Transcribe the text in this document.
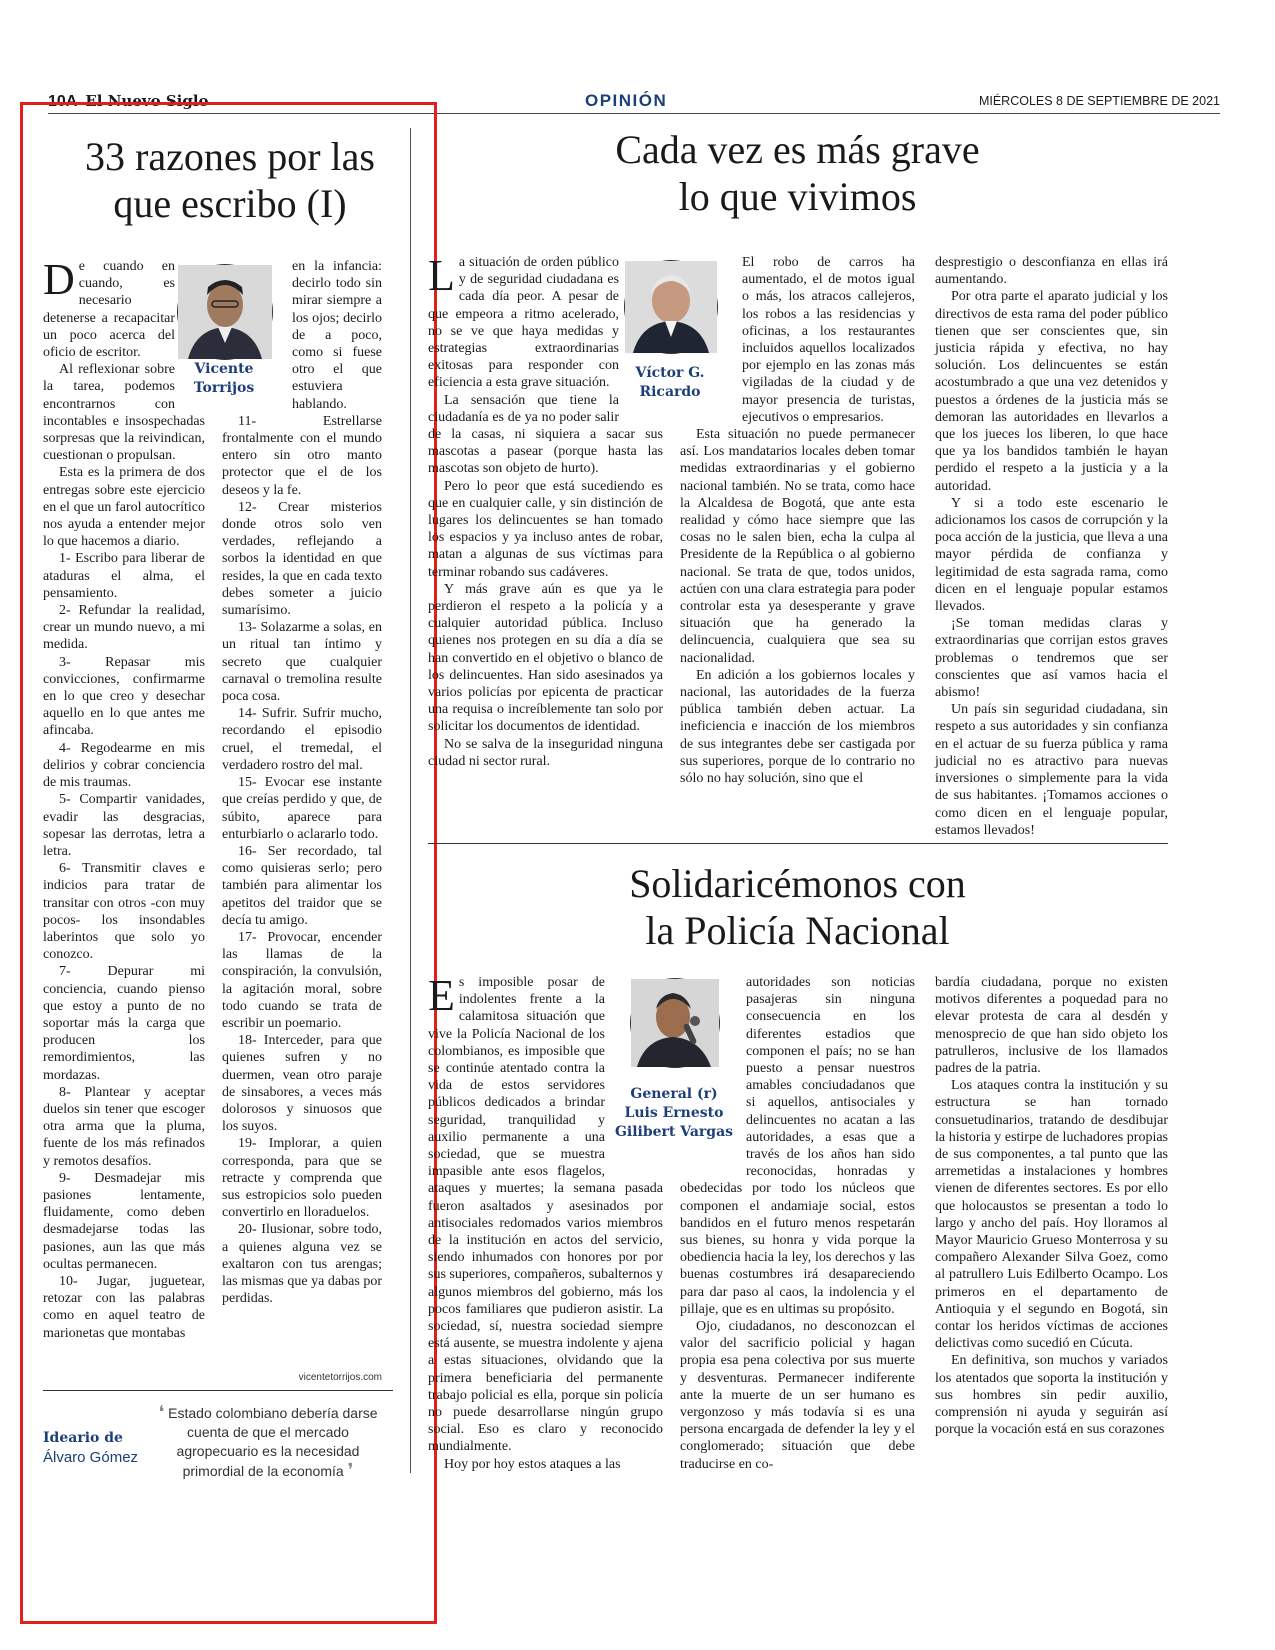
10A El Nuevo Siglo	OPINIÓN	MIÉRCOLES 8 DE SEPTIEMBRE DE 2021
33 razones por las
que escribo (I)
Vicente
Torrijos
D e cuando en cuando, es necesario detenerse a recapacitar un poco acerca del oficio de escritor.

Al reflexionar sobre la tarea, podemos encontrarnos con incontables e insospechadas sorpresas que la reivindican, cuestionan o propulsan.

Esta es la primera de dos entregas sobre este ejercicio en el que un farol autocrítico nos ayuda a entender mejor lo que hacemos a diario.

1- Escribo para liberar de ataduras el alma, el pensamiento.

2- Refundar la realidad, crear un mundo nuevo, a mi medida.

3- Repasar mis convicciones, confirmarme en lo que creo y desechar aquello en lo que antes me afincaba.

4- Regodearme en mis delirios y cobrar conciencia de mis traumas.

5- Compartir vanidades, evadir las desgracias, sopesar las derrotas, letra a letra.

6- Transmitir claves e indicios para tratar de transitar con otros -con muy pocos- los insondables laberintos que solo yo conozco.

7- Depurar mi conciencia, cuando pienso que estoy a punto de no soportar más la carga que producen los remordimientos, las mordazas.

8- Plantear y aceptar duelos sin tener que escoger otra arma que la pluma, fuente de los más refinados y remotos desafíos.

9- Desmadejar mis pasiones lentamente, fluidamente, como deben desmadejarse todas las pasiones, aun las que más ocultas permanecen.

10- Jugar, juguetear, retozar con las palabras como en aquel teatro de marionetas que montabas

en la infancia: decirlo todo sin mirar siempre a los ojos; decirlo de a poco, como si fuese otro el que estuviera hablando.

11- Estrellarse frontalmente con el mundo entero sin otro manto protector que el de los deseos y la fe.

12- Crear misterios donde otros solo ven verdades, reflejando a sorbos la identidad en que resides, la que en cada texto debes someter a juicio sumarísimo.

13- Solazarme a solas, en un ritual tan íntimo y secreto que cualquier carnaval o tremolina resulte poca cosa.

14- Sufrir. Sufrir mucho, recordando el episodio cruel, el tremedal, el verdadero rostro del mal.

15- Evocar ese instante que creías perdido y que, de súbito, aparece para enturbiarlo o aclararlo todo.

16- Ser recordado, tal como quisieras serlo; pero también para alimentar los apetitos del traidor que se decía tu amigo.

17- Provocar, encender las llamas de la conspiración, la convulsión, la agitación moral, sobre todo cuando se trata de escribir un poemario.

18- Interceder, para que quienes sufren y no duermen, vean otro paraje de sinsabores, a veces más dolorosos y sinuosos que los suyos.

19- Implorar, a quien corresponda, para que se retracte y comprenda que sus estropicios solo pueden convertirlo en lloraduelos.

20- Ilusionar, sobre todo, a quienes alguna vez se exaltaron con tus arengas; las mismas que ya dabas por perdidas.

vicentetorrijos.com
Ideario de
Álvaro Gómez
❛ Estado colombiano debería darse cuenta de que el mercado agropecuario es la necesidad primordial de la economía ❜
Cada vez es más grave
lo que vivimos
Víctor G.
Ricardo
L a situación de orden público y de seguridad ciudadana es cada día peor. A pesar de que empeora a ritmo acelerado, no se ve que haya medidas y estrategias extraordinarias exitosas para responder con eficiencia a esta grave situación.

La sensación que tiene la ciudadanía es de ya no poder salir de la casas, ni siquiera a sacar sus mascotas a pasear (porque hasta las mascotas son objeto de hurto).

Pero lo peor que está sucediendo es que en cualquier calle, y sin distinción de lugares los delincuentes se han tomado los espacios y ya incluso antes de robar, matan a algunas de sus víctimas para terminar robando sus cadáveres.

Y más grave aún es que ya le perdieron el respeto a la policía y a cualquier autoridad pública. Incluso quienes nos protegen en su día a día se han convertido en el objetivo o blanco de los delincuentes. Han sido asesinados ya varios policías por epicenta de practicar una requisa o increíblemente tan solo por solicitar los documentos de identidad.

No se salva de la inseguridad ninguna ciudad ni sector rural.

El robo de carros ha aumentado, el de motos igual o más, los atracos callejeros, los robos a las residencias y oficinas, a los restaurantes incluidos aquellos localizados por ejemplo en las zonas más vigiladas de la ciudad y de mayor presencia de turistas, ejecutivos o empresarios.

Esta situación no puede permanecer así. Los mandatarios locales deben tomar medidas extraordinarias y el gobierno nacional también. No se trata, como hace la Alcaldesa de Bogotá, que ante esta realidad y cómo hace siempre que las cosas no le salen bien, echa la culpa al Presidente de la República o al gobierno nacional. Se trata de que, todos unidos, actúen con una clara estrategia para poder controlar esta ya desesperante y grave situación que ha generado la delincuencia, cualquiera que sea su nacionalidad.

En adición a los gobiernos locales y nacional, las autoridades de la fuerza pública también deben actuar. La ineficiencia e inacción de los miembros de sus integrantes debe ser castigada por sus superiores, porque de lo contrario no sólo no hay solución, sino que el

desprestigio o desconfianza en ellas irá aumentando.

Por otra parte el aparato judicial y los directivos de esta rama del poder público tienen que ser conscientes que, sin justicia rápida y efectiva, no hay solución. Los delincuentes se están acostumbrado a que una vez detenidos y puestos a órdenes de la justicia más se demoran las autoridades en llevarlos a que los jueces los liberen, lo que hace que ya los bandidos también le hayan perdido el respeto a la justicia y a la autoridad.

Y si a todo este escenario le adicionamos los casos de corrupción y la poca acción de la justicia, que lleva a una mayor pérdida de confianza y legitimidad de esta sagrada rama, como dicen en el lenguaje popular estamos llevados.

¡Se toman medidas claras y extraordinarias que corrijan estos graves problemas o tendremos que ser conscientes que así vamos hacia el abismo!

Un país sin seguridad ciudadana, sin respeto a sus autoridades y sin confianza en el actuar de su fuerza pública y rama judicial no es atractivo para nuevas inversiones o simplemente para la vida de sus habitantes. ¡Tomamos acciones o como dicen en el lenguaje popular, estamos llevados!

Solidaricémonos con
la Policía Nacional
General (r)
Luis Ernesto
Gilibert Vargas
E s imposible posar de indolentes frente a la calamitosa situación que vive la Policía Nacional de los colombianos, es imposible que se continúe atentado contra la vida de estos servidores públicos dedicados a brindar seguridad, tranquilidad y auxilio permanente a una sociedad, que se muestra impasible ante esos flagelos, ataques y muertes; la semana pasada fueron asaltados y asesinados por antisociales redomados varios miembros de la institución en actos del servicio, siendo inhumados con honores por por sus superiores, compañeros, subalternos y algunos miembros del gobierno, más los pocos familiares que pudieron asistir. La sociedad, sí, nuestra sociedad siempre está ausente, se muestra indolente y ajena a estas situaciones, olvidando que la primera beneficiaria del permanente trabajo policial es ella, porque sin policía no puede desarrollarse ningún grupo social. Eso es claro y reconocido mundialmente.

Hoy por hoy estos ataques a las

autoridades son noticias pasajeras sin ninguna consecuencia en los diferentes estadios que componen el país; no se han puesto a pensar nuestros amables conciudadanos que si aquellos, antisociales y delincuentes no acatan a las autoridades, a esas que a través de los años han sido reconocidas, honradas y obedecidas por todo los núcleos que componen el andamiaje social, estos bandidos en el futuro menos respetarán sus bienes, su honra y vida porque la obediencia hacia la ley, los derechos y las buenas costumbres irá desapareciendo para dar paso al caos, la indolencia y el pillaje, que es en ultimas su propósito.

Ojo, ciudadanos, no desconozcan el valor del sacrificio policial y hagan propia esa pena colectiva por sus muerte y desventuras. Permanecer indiferente ante la muerte de un ser humano es vergonzoso y más todavía si es una persona encargada de defender la ley y el conglomerado; situación que debe traducirse en co-

bardía ciudadana, porque no existen motivos diferentes a poquedad para no elevar protesta de cara al desdén y menosprecio de que han sido objeto los patrulleros, inclusive de los llamados padres de la patria.

Los ataques contra la institución y su estructura se han tornado consuetudinarios, tratando de desdibujar la historia y estirpe de luchadores propias de sus componentes, a tal punto que las arremetidas a instalaciones y hombres vienen de diferentes sectores. Es por ello que holocaustos se presentan a todo lo largo y ancho del país. Hoy lloramos al Mayor Mauricio Grueso Monterrosa y su compañero Alexander Silva Goez, como al patrullero Luis Edilberto Ocampo. Los primeros en el departamento de Antioquia y el segundo en Bogotá, sin contar los heridos víctimas de acciones delictivas como sucedió en Cúcuta.

En definitiva, son muchos y variados los atentados que soporta la institución y sus hombres sin pedir auxilio, comprensión ni ayuda y seguirán así porque la vocación está en sus corazones
